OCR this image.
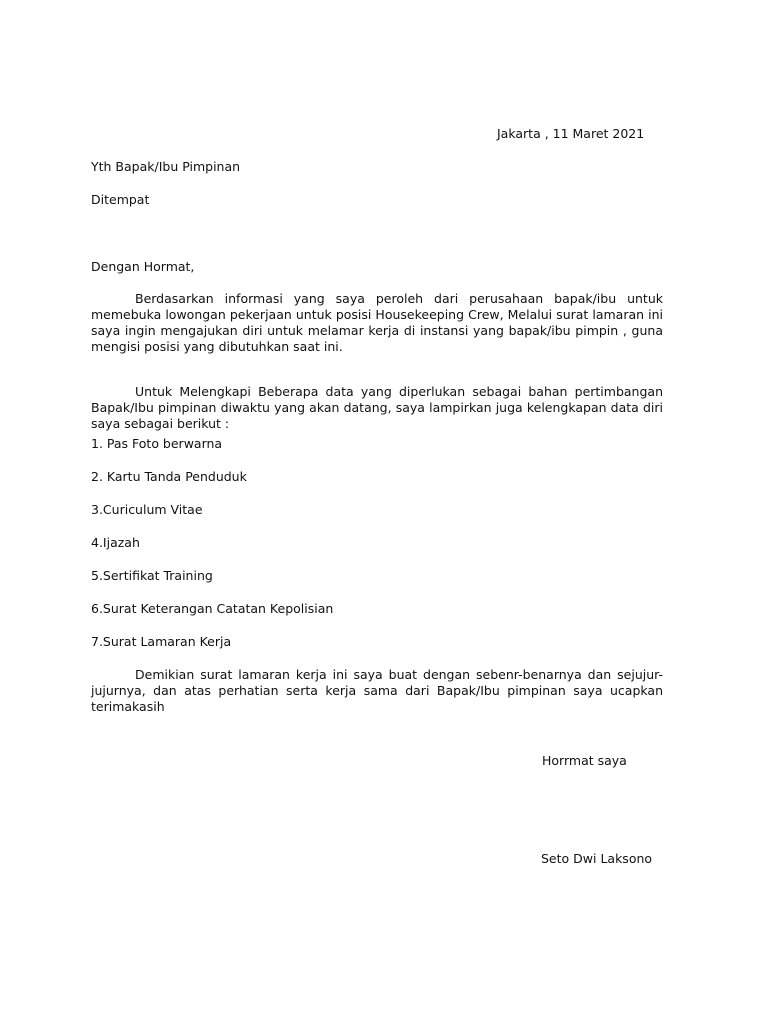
Jakarta , 11 Maret 2021
Yth Bapak/Ibu Pimpinan
Ditempat
Dengan Hormat,
Berdasarkan informasi yang saya peroleh dari perusahaan bapak/ibu untuk memebuka lowongan pekerjaan untuk posisi Housekeeping Crew, Melalui surat lamaran ini saya ingin mengajukan diri untuk melamar kerja di instansi yang bapak/ibu pimpin , guna mengisi posisi yang dibutuhkan saat ini.
Untuk Melengkapi Beberapa data yang diperlukan sebagai bahan pertimbangan Bapak/Ibu pimpinan diwaktu yang akan datang, saya lampirkan juga kelengkapan data diri saya sebagai berikut :
1. Pas Foto berwarna
2. Kartu Tanda Penduduk
3.Curiculum Vitae
4.Ijazah
5.Sertifikat Training
6.Surat Keterangan Catatan Kepolisian
7.Surat Lamaran Kerja
Demikian surat lamaran kerja ini saya buat dengan sebenr-benarnya dan sejujur-jujurnya, dan atas perhatian serta kerja sama dari Bapak/Ibu pimpinan saya ucapkan terimakasih
Horrmat saya
Seto Dwi Laksono
